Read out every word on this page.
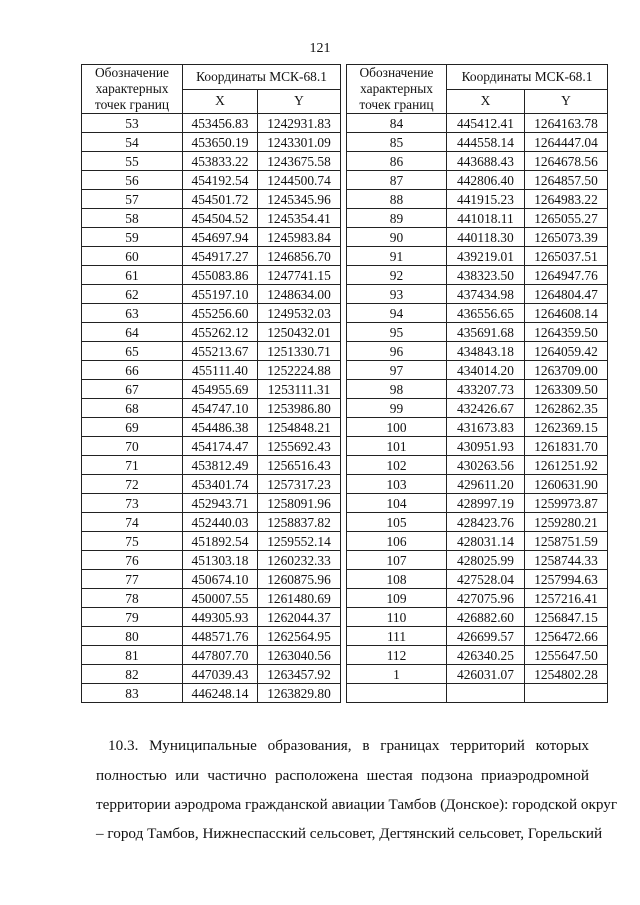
121
Обозначение характерных точек границ	Координаты МСК-68.1	
	X	Y
53	453456.83	1242931.83
54	453650.19	1243301.09
55	453833.22	1243675.58
56	454192.54	1244500.74
57	454501.72	1245345.96
58	454504.52	1245354.41
59	454697.94	1245983.84
60	454917.27	1246856.70
61	455083.86	1247741.15
62	455197.10	1248634.00
63	455256.60	1249532.03
64	455262.12	1250432.01
65	455213.67	1251330.71
66	455111.40	1252224.88
67	454955.69	1253111.31
68	454747.10	1253986.80
69	454486.38	1254848.21
70	454174.47	1255692.43
71	453812.49	1256516.43
72	453401.74	1257317.23
73	452943.71	1258091.96
74	452440.03	1258837.82
75	451892.54	1259552.14
76	451303.18	1260232.33
77	450674.10	1260875.96
78	450007.55	1261480.69
79	449305.93	1262044.37
80	448571.76	1262564.95
81	447807.70	1263040.56
82	447039.43	1263457.92
83	446248.14	1263829.80
Обозначение характерных точек границ	Координаты МСК-68.1	
	X	Y
84	445412.41	1264163.78
85	444558.14	1264447.04
86	443688.43	1264678.56
87	442806.40	1264857.50
88	441915.23	1264983.22
89	441018.11	1265055.27
90	440118.30	1265073.39
91	439219.01	1265037.51
92	438323.50	1264947.76
93	437434.98	1264804.47
94	436556.65	1264608.14
95	435691.68	1264359.50
96	434843.18	1264059.42
97	434014.20	1263709.00
98	433207.73	1263309.50
99	432426.67	1262862.35
100	431673.83	1262369.15
101	430951.93	1261831.70
102	430263.56	1261251.92
103	429611.20	1260631.90
104	428997.19	1259973.87
105	428423.76	1259280.21
106	428031.14	1258751.59
107	428025.99	1258744.33
108	427528.04	1257994.63
109	427075.96	1257216.41
110	426882.60	1256847.15
111	426699.57	1256472.66
112	426340.25	1255647.50
1	426031.07	1254802.28

10.3. Муниципальные образования, в границах территорий которых
полностью или частично расположена шестая подзона приаэродромной
территории аэродрома гражданской авиации Тамбов (Донское): городской округ
– город Тамбов, Нижнеспасский сельсовет, Дегтянский сельсовет, Горельский
